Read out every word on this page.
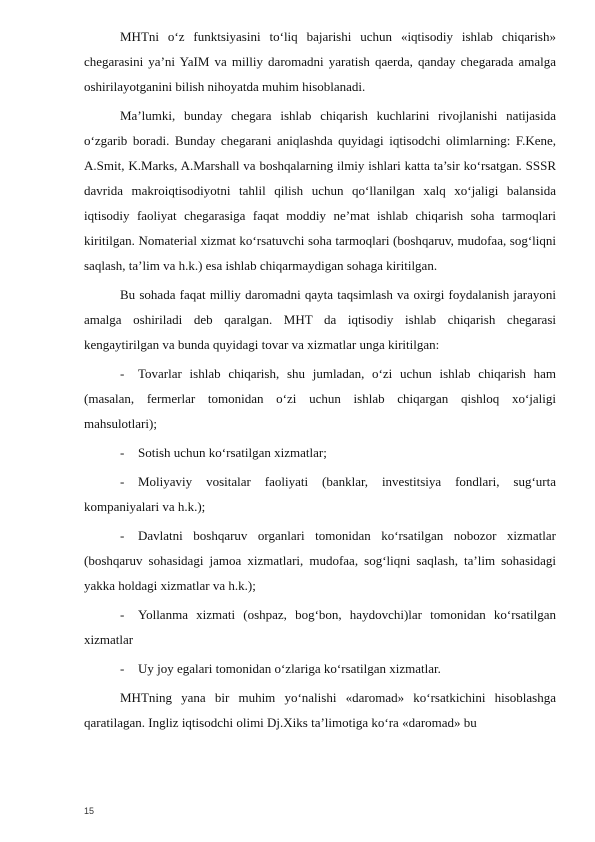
MHTni o‘z funktsiyasini to‘liq bajarishi uchun «iqtisodiy ishlab chiqarish» chegarasini ya’ni YaIM va milliy daromadni yaratish qaerda, qanday chegarada amalga oshirilayotganini bilish nihoyatda muhim hisoblanadi.

Ma’lumki, bunday chegara ishlab chiqarish kuchlarini rivojlanishi natijasida o‘zgarib boradi. Bunday chegarani aniqlashda quyidagi iqtisodchi olimlarning: F.Kene, A.Smit, K.Marks, A.Marshall va boshqalarning ilmiy ishlari katta ta’sir ko‘rsatgan. SSSR davrida makroiqtisodiyotni tahlil qilish uchun qo‘llanilgan xalq xo‘jaligi balansida iqtisodiy faoliyat chegarasiga faqat moddiy ne’mat ishlab chiqarish soha tarmoqlari kiritilgan. Nomaterial xizmat ko‘rsatuvchi soha tarmoqlari (boshqaruv, mudofaa, sog‘liqni saqlash, ta’lim va h.k.) esa ishlab chiqarmaydigan sohaga kiritilgan.

Bu sohada faqat milliy daromadni qayta taqsimlash va oxirgi foydalanish jarayoni amalga oshiriladi deb qaralgan. MHT da iqtisodiy ishlab chiqarish chegarasi kengaytirilgan va bunda quyidagi tovar va xizmatlar unga kiritilgan:

- Tovarlar ishlab chiqarish, shu jumladan, o‘zi uchun ishlab chiqarish ham (masalan, fermerlar tomonidan o‘zi uchun ishlab chiqargan qishloq xo‘jaligi mahsulotlari);
- Sotish uchun ko‘rsatilgan xizmatlar;
- Moliyaviy vositalar faoliyati (banklar, investitsiya fondlari, sug‘urta kompaniyalari va h.k.);
- Davlatni boshqaruv organlari tomonidan ko‘rsatilgan nobozor xizmatlar (boshqaruv sohasidagi jamoa xizmatlari, mudofaa, sog‘liqni saqlash, ta’lim sohasidagi yakka holdagi xizmatlar va h.k.);
- Yollanma xizmati (oshpaz, bog‘bon, haydovchi)lar tomonidan ko‘rsatilgan xizmatlar
- Uy joy egalari tomonidan o‘zlariga ko‘rsatilgan xizmatlar.

MHTning yana bir muhim yo‘nalishi «daromad» ko‘rsatkichini hisoblashga qaratilagan. Ingliz iqtisodchi olimi Dj.Xiks ta’limotiga ko‘ra «daromad» bu

15
